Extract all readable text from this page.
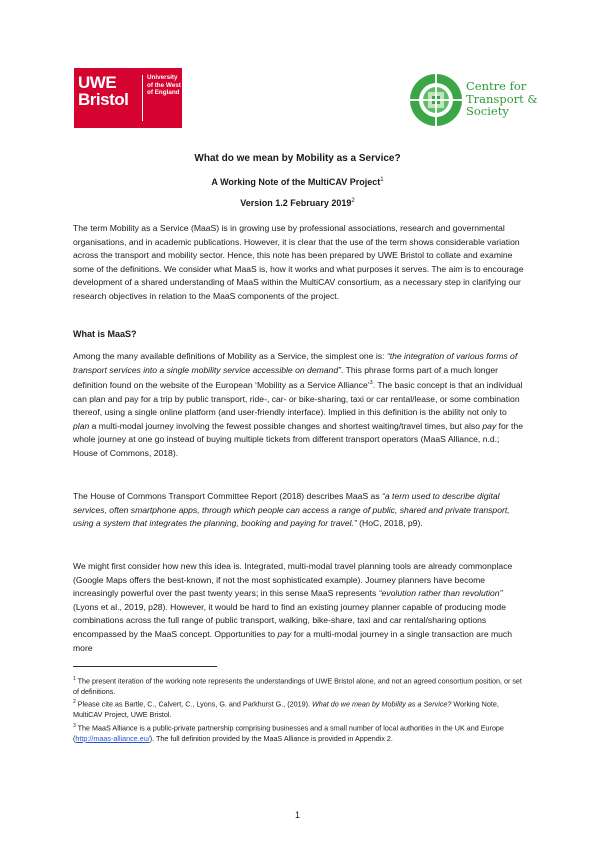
UWE
Bristol
University of the West of England	Centre for
Transport &
Society
What do we mean by Mobility as a Service?
A Working Note of the MultiCAV Project$^1$
Version 1.2 February 2019$^2$

The term Mobility as a Service (MaaS) is in growing use by professional associations, research and governmental organisations, and in academic publications. However, it is clear that the use of the term shows considerable variation across the transport and mobility sector. Hence, this note has been prepared by UWE Bristol to collate and examine some of the definitions. We consider what MaaS is, how it works and what purposes it serves. The aim is to encourage development of a shared understanding of MaaS within the MultiCAV consortium, as a necessary step in clarifying our research objectives in relation to the MaaS components of the project.

What is MaaS?

Among the many available definitions of Mobility as a Service, the simplest one is: “the integration of various forms of transport services into a single mobility service accessible on demand”. This phrase forms part of a much longer definition found on the website of the European ‘Mobility as a Service Alliance’$^3$. The basic concept is that an individual can plan and pay for a trip by public transport, ride-, car- or bike-sharing, taxi or car rental/lease, or some combination thereof, using a single online platform (and user-friendly interface). Implied in this definition is the ability not only to plan a multi-modal journey involving the fewest possible changes and shortest waiting/travel times, but also pay for the whole journey at one go instead of buying multiple tickets from different transport operators (MaaS Alliance, n.d.; House of Commons, 2018).

The House of Commons Transport Committee Report (2018) describes MaaS as “a term used to describe digital services, often smartphone apps, through which people can access a range of public, shared and private transport, using a system that integrates the planning, booking and paying for travel.” (HoC, 2018, p9).

We might first consider how new this idea is. Integrated, multi-modal travel planning tools are already commonplace (Google Maps offers the best-known, if not the most sophisticated example). Journey planners have become increasingly powerful over the past twenty years; in this sense MaaS represents “evolution rather than revolution” (Lyons et al., 2019, p28). However, it would be hard to find an existing journey planner capable of producing mode combinations across the full range of public transport, walking, bike-share, taxi and car rental/sharing options encompassed by the MaaS concept. Opportunities to pay for a multi-modal journey in a single transaction are much more

$^1$ The present iteration of the working note represents the understandings of UWE Bristol alone, and not an agreed consortium position, or set of definitions.
$^2$ Please cite as Bartle, C., Calvert, C., Lyons, G. and Parkhurst G., (2019). What do we mean by Mobility as a Service? Working Note, MultiCAV Project, UWE Bristol.
$^3$ The MaaS Alliance is a public-private partnership comprising businesses and a small number of local authorities in the UK and Europe (http://maas-alliance.eu/). The full definition provided by the MaaS Alliance is provided in Appendix 2.
1
